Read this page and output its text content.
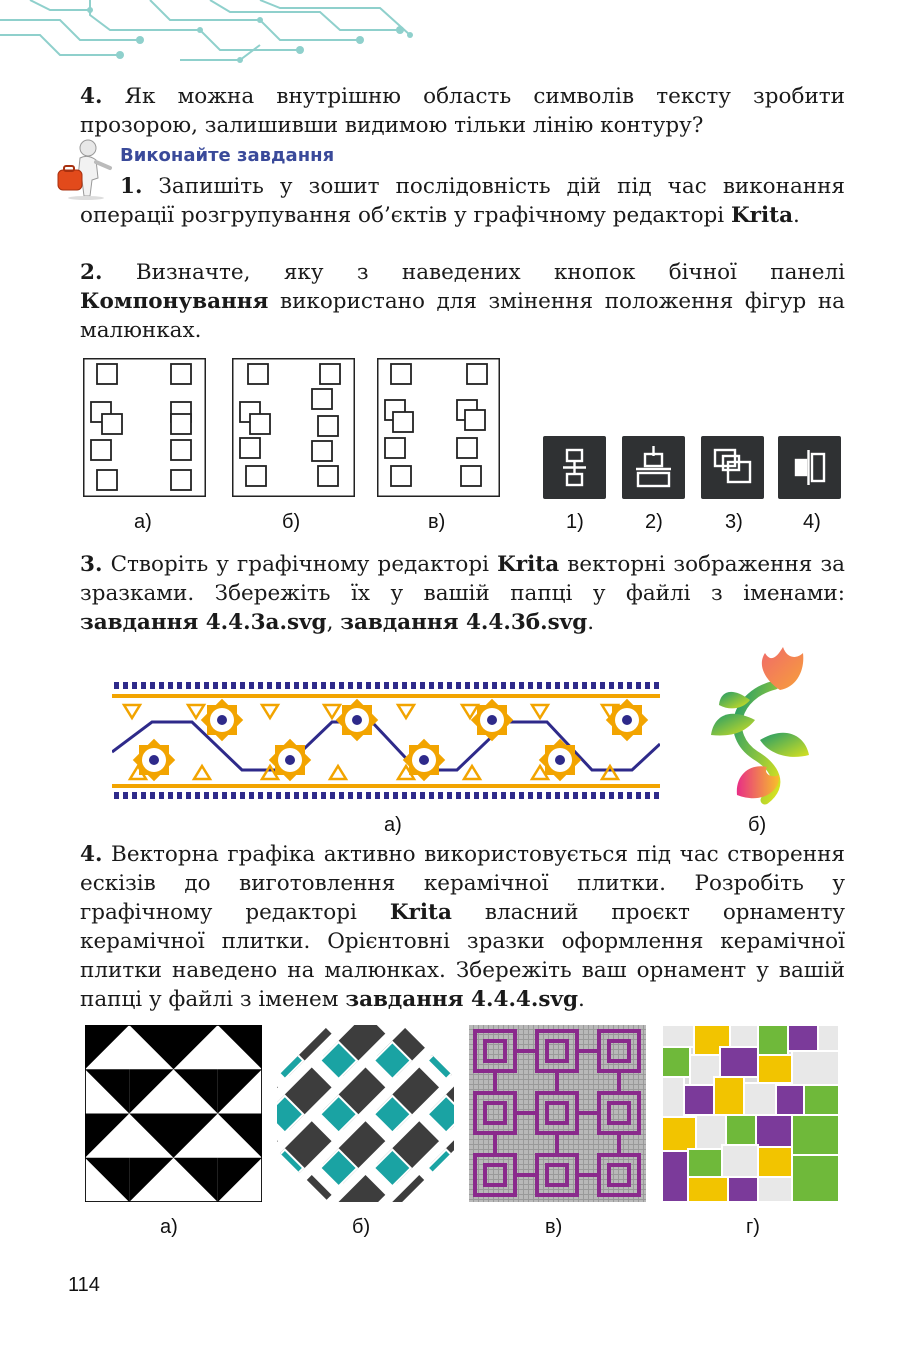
4. Як можна внутрішню область символів тексту зробити прозорою, залишивши видимою тільки лінію контуру?
Виконайте завдання
1. Запишіть у зошит послідовність дій під час виконання операції розгрупування об’єктів у графічному редакторі Krita.
2. Визначте, яку з наведених кнопок бічної панелі Компонування використано для змінення положення фігур на малюнках.
а)	б)	в)	1)	2)	3)	4)
3. Створіть у графічному редакторі Krita векторні зображення за зразками. Збережіть їх у вашій папці у файлі з іменами: завдання 4.4.3а.svg, завдання 4.4.3б.svg.
а)	б)
4. Векторна графіка активно використовується під час створення ескізів до виготовлення керамічної плитки. Розробіть у графічному редакторі Krita власний проєкт орнаменту керамічної плитки. Орієнтовні зразки оформлення керамічної плитки наведено на малюнках. Збережіть ваш орнамент у вашій папці у файлі з іменем завдання 4.4.4.svg.
а)	б)	в)	г)
114
